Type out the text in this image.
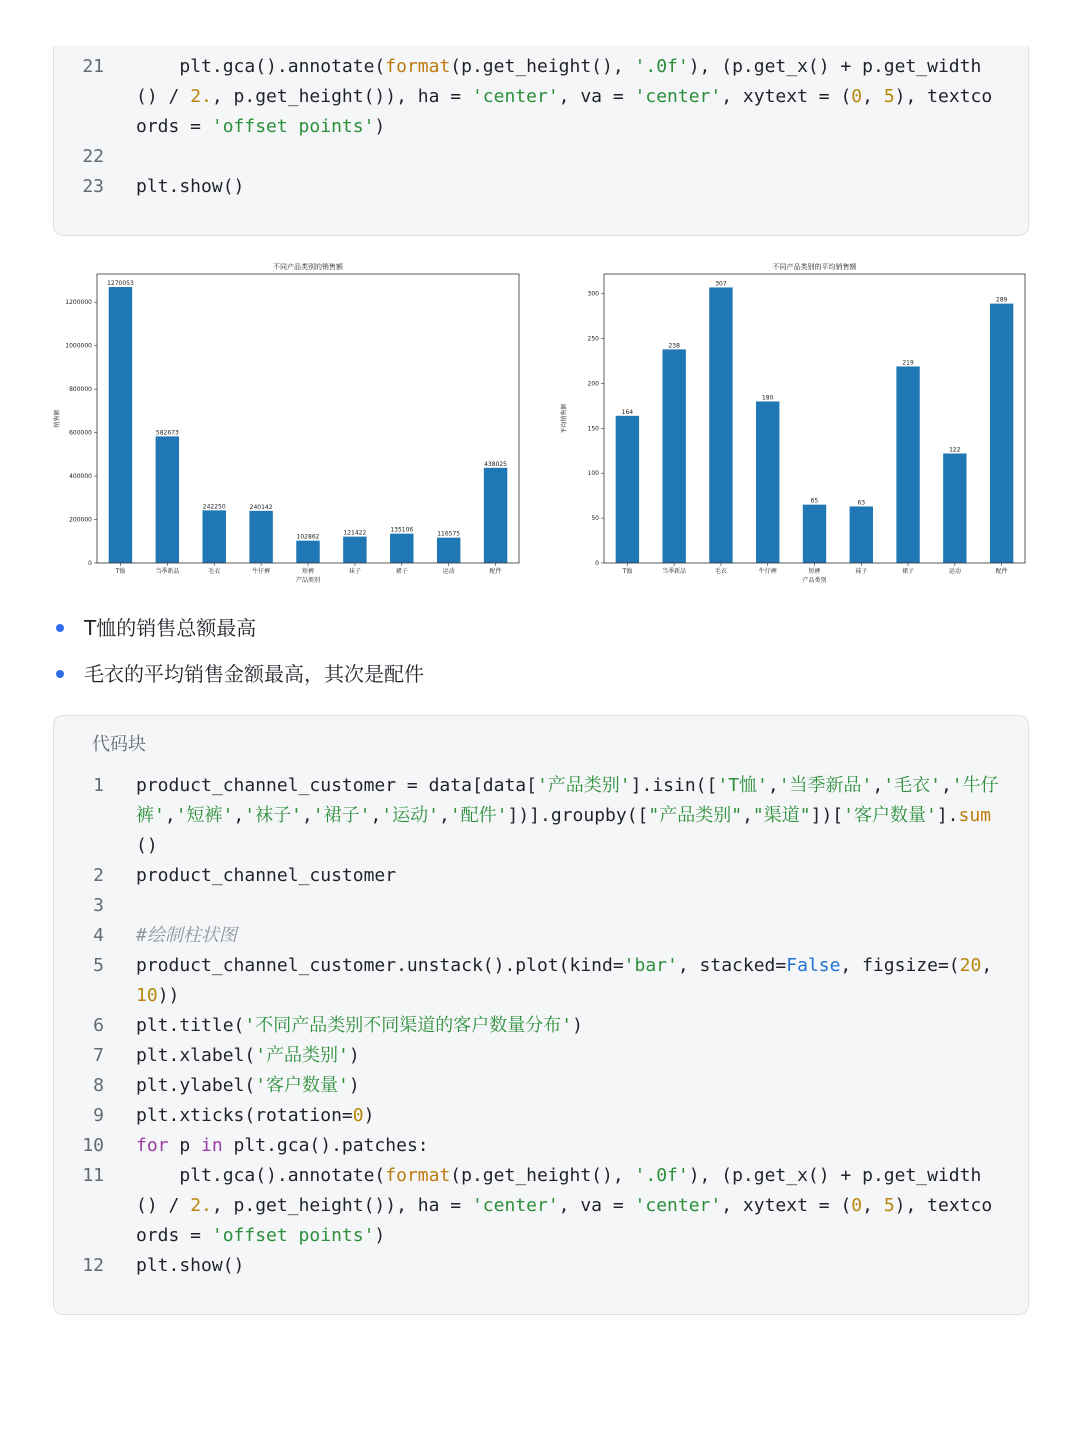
21 plt.gca().annotate(format(p.get_height(), '.0f'), (p.get_x() + p.get_width() / 2., p.get_height()), ha = 'center', va = 'center', xytext = (0, 5), textcoords = 'offset points')
22
23 plt.show()
1270053
T恤
582673
当季新品
242250
毛衣
240142
牛仔裤
102862
短裤
121422
袜子
135106
裙子
116575
运动
438025
配件
0
200000
400000
600000
800000
1000000
1200000
不同产品类别的销售额
产品类别
销售额	164
T恤
238
当季新品
307
毛衣
180
牛仔裤
65
短裤
63
袜子
219
裙子
122
运动
289
配件
0
50
100
150
200
250
300
不同产品类别的平均销售额
产品类别
平均销售额
T恤的销售总额最高
毛衣的平均销售金额最高，其次是配件
代码块
1 product_channel_customer = data[data['产品类别'].isin(['T恤','当季新品','毛衣','牛仔裤','短裤','袜子','裙子','运动','配件'])].groupby(["产品类别","渠道"])['客户数量'].sum()
2 product_channel_customer
3
4 #绘制柱状图
5 product_channel_customer.unstack().plot(kind='bar', stacked=False, figsize=(20,10))
6 plt.title('不同产品类别不同渠道的客户数量分布')
7 plt.xlabel('产品类别')
8 plt.ylabel('客户数量')
9 plt.xticks(rotation=0)
10 for p in plt.gca().patches:
11 plt.gca().annotate(format(p.get_height(), '.0f'), (p.get_x() + p.get_width() / 2., p.get_height()), ha = 'center', va = 'center', xytext = (0, 5), textcoords = 'offset points')
12 plt.show()
